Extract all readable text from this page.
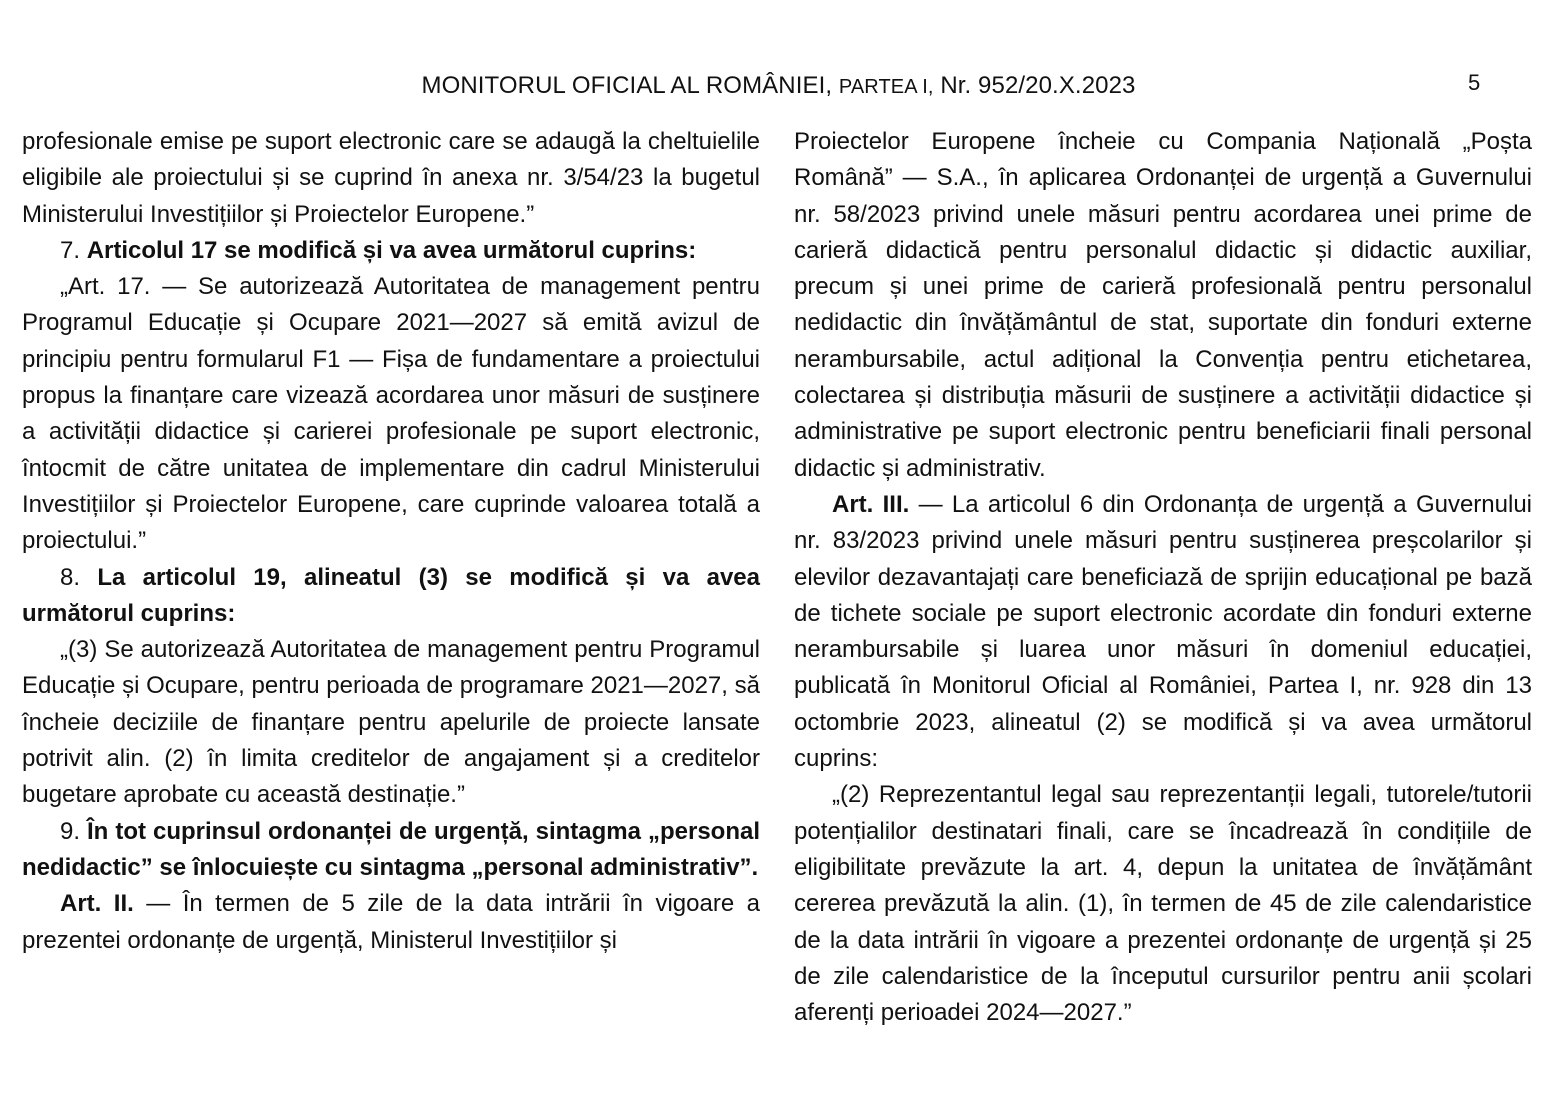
MONITORUL OFICIAL AL ROMÂNIEI, PARTEA I, Nr. 952/20.X.2023	5

profesionale emise pe suport electronic care se adaugă la cheltuielile eligibile ale proiectului și se cuprind în anexa nr. 3/54/23 la bugetul Ministerului Investițiilor și Proiectelor Europene.”

7. Articolul 17 se modifică și va avea următorul cuprins:

„Art. 17. — Se autorizează Autoritatea de management pentru Programul Educație și Ocupare 2021—2027 să emită avizul de principiu pentru formularul F1 — Fișa de fundamentare a proiectului propus la finanțare care vizează acordarea unor măsuri de susținere a activității didactice și carierei profesionale pe suport electronic, întocmit de către unitatea de implementare din cadrul Ministerului Investițiilor și Proiectelor Europene, care cuprinde valoarea totală a proiectului.”

8. La articolul 19, alineatul (3) se modifică și va avea următorul cuprins:

„(3) Se autorizează Autoritatea de management pentru Programul Educație și Ocupare, pentru perioada de programare 2021—2027, să încheie deciziile de finanțare pentru apelurile de proiecte lansate potrivit alin. (2) în limita creditelor de angajament și a creditelor bugetare aprobate cu această destinație.”

9. În tot cuprinsul ordonanței de urgență, sintagma „personal nedidactic” se înlocuiește cu sintagma „personal administrativ”.

Art. II. — În termen de 5 zile de la data intrării în vigoare a prezentei ordonanțe de urgență, Ministerul Investițiilor și

Proiectelor Europene încheie cu Compania Națională „Poșta Română” — S.A., în aplicarea Ordonanței de urgență a Guvernului nr. 58/2023 privind unele măsuri pentru acordarea unei prime de carieră didactică pentru personalul didactic și didactic auxiliar, precum și unei prime de carieră profesională pentru personalul nedidactic din învățământul de stat, suportate din fonduri externe nerambursabile, actul adițional la Convenția pentru etichetarea, colectarea și distribuția măsurii de susținere a activității didactice și administrative pe suport electronic pentru beneficiarii finali personal didactic și administrativ.

Art. III. — La articolul 6 din Ordonanța de urgență a Guvernului nr. 83/2023 privind unele măsuri pentru susținerea preșcolarilor și elevilor dezavantajați care beneficiază de sprijin educațional pe bază de tichete sociale pe suport electronic acordate din fonduri externe nerambursabile și luarea unor măsuri în domeniul educației, publicată în Monitorul Oficial al României, Partea I, nr. 928 din 13 octombrie 2023, alineatul (2) se modifică și va avea următorul cuprins:

„(2) Reprezentantul legal sau reprezentanții legali, tutorele/tutorii potențialilor destinatari finali, care se încadrează în condițiile de eligibilitate prevăzute la art. 4, depun la unitatea de învățământ cererea prevăzută la alin. (1), în termen de 45 de zile calendaristice de la data intrării în vigoare a prezentei ordonanțe de urgență și 25 de zile calendaristice de la începutul cursurilor pentru anii școlari aferenți perioadei 2024—2027.”
